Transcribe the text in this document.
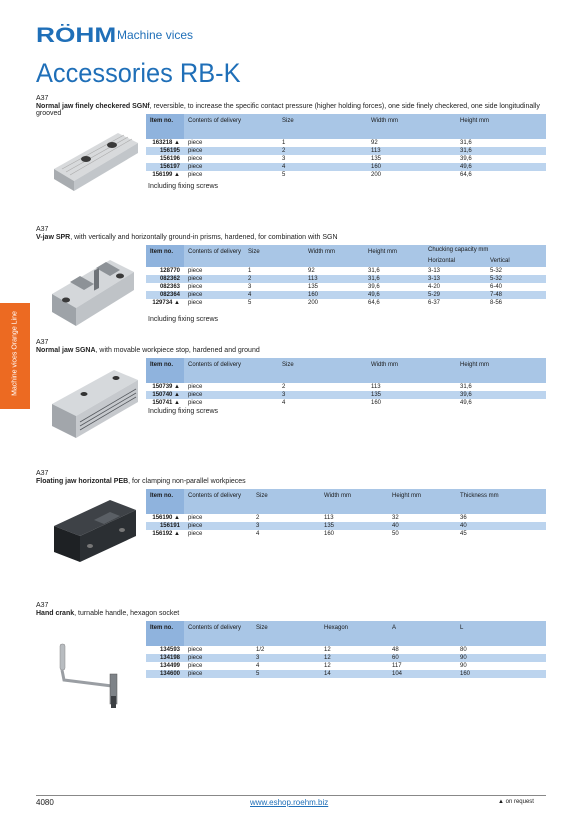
RÖHM Machine vices
Accessories RB-K
Machine vices Orange Line
A37
Normal jaw finely checkered SGNf, reversible, to increase the specific contact pressure (higher holding forces), one side finely checkered, one side longitudinally grooved
Item no.	Contents of delivery	Size	Width mm	Height mm
163218 ▲	piece	1	92	31,6
156195	piece	2	113	31,6
156196	piece	3	135	39,6
156197	piece	4	160	49,6
156199 ▲	piece	5	200	64,6
Including fixing screws
A37
V-jaw SPR, with vertically and horizontally ground-in prisms, hardened, for combination with SGN
Item no.	Contents of delivery	Size	Width mm	Height mm	Chucking capacity mm	
					Horizontal	Vertical
128770	piece	1	92	31,6	3-13	5-32
082362	piece	2	113	31,6	3-13	5-32
082363	piece	3	135	39,6	4-20	6-40
082364	piece	4	160	49,6	5-29	7-48
129734 ▲	piece	5	200	64,6	6-37	8-56
Including fixing screws
A37
Normal jaw SGNA, with movable workpiece stop, hardened and ground
Item no.	Contents of delivery	Size	Width mm	Height mm
150739 ▲	piece	2	113	31,6
150740 ▲	piece	3	135	39,6
150741 ▲	piece	4	160	49,6
Including fixing screws
A37
Floating jaw horizontal PEB, for clamping non-parallel workpieces
Item no.	Contents of delivery	Size	Width mm	Height mm	Thickness mm
156190 ▲	piece	2	113	32	36
156191	piece	3	135	40	40
156192 ▲	piece	4	160	50	45
A37
Hand crank, turnable handle, hexagon socket
Item no.	Contents of delivery	Size	Hexagon	A	L
134593	piece	1/2	12	48	80
134198	piece	3	12	60	90
134499	piece	4	12	117	90
134600	piece	5	14	104	160
4080	www.eshop.roehm.biz	▲ on request
